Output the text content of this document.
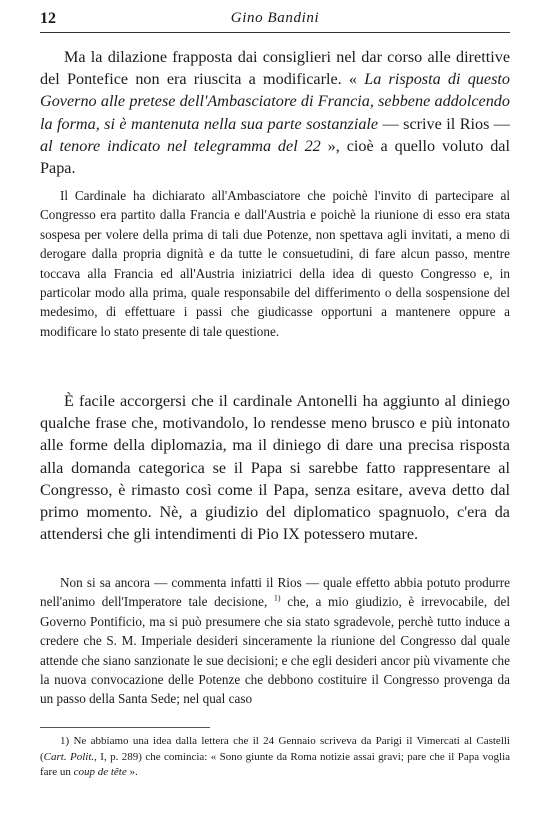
12	Gino Bandini

Ma la dilazione frapposta dai consiglieri nel dar corso alle direttive del Pontefice non era riuscita a modificarle. « La risposta di questo Governo alle pretese dell'Ambasciatore di Francia, sebbene addolcendo la forma, si è mantenuta nella sua parte sostanziale — scrive il Rios — al tenore indicato nel telegramma del 22 », cioè a quello voluto dal Papa.

Il Cardinale ha dichiarato all'Ambasciatore che poichè l'invito di partecipare al Congresso era partito dalla Francia e dall'Austria e poichè la riunione di esso era stata sospesa per volere della prima di tali due Potenze, non spettava agli invitati, a meno di derogare dalla propria dignità e da tutte le consuetudini, di fare alcun passo, mentre toccava alla Francia ed all'Austria iniziatrici della idea di questo Congresso e, in particolar modo alla prima, quale responsabile del differimento o della sospensione del medesimo, di effettuare i passi che giudicasse opportuni a mantenere oppure a modificare lo stato presente di tale questione.

È facile accorgersi che il cardinale Antonelli ha aggiunto al diniego qualche frase che, motivandolo, lo rendesse meno brusco e più intonato alle forme della diplomazia, ma il diniego di dare una precisa risposta alla domanda categorica se il Papa si sarebbe fatto rappresentare al Congresso, è rimasto così come il Papa, senza esitare, aveva detto dal primo momento. Nè, a giudizio del diplomatico spagnuolo, c'era da attendersi che gli intendimenti di Pio IX potessero mutare.

Non si sa ancora — commenta infatti il Rios — quale effetto abbia potuto produrre nell'animo dell'Imperatore tale decisione, $^{1)}$ che, a mio giudizio, è irrevocabile, del Governo Pontificio, ma si può presumere che sia stato sgradevole, perchè tutto induce a credere che S. M. Imperiale desideri sinceramente la riunione del Congresso dal quale attende che siano sanzionate le sue decisioni; e che egli desideri ancor più vivamente che la nuova convocazione delle Potenze che debbono costituire il Congresso provenga da un passo della Santa Sede; nel qual caso

1) Ne abbiamo una idea dalla lettera che il 24 Gennaio scriveva da Parigi il Vimercati al Castelli (Cart. Polit., I, p. 289) che comincia: « Sono giunte da Roma notizie assai gravi; pare che il Papa voglia fare un coup de tête ».
